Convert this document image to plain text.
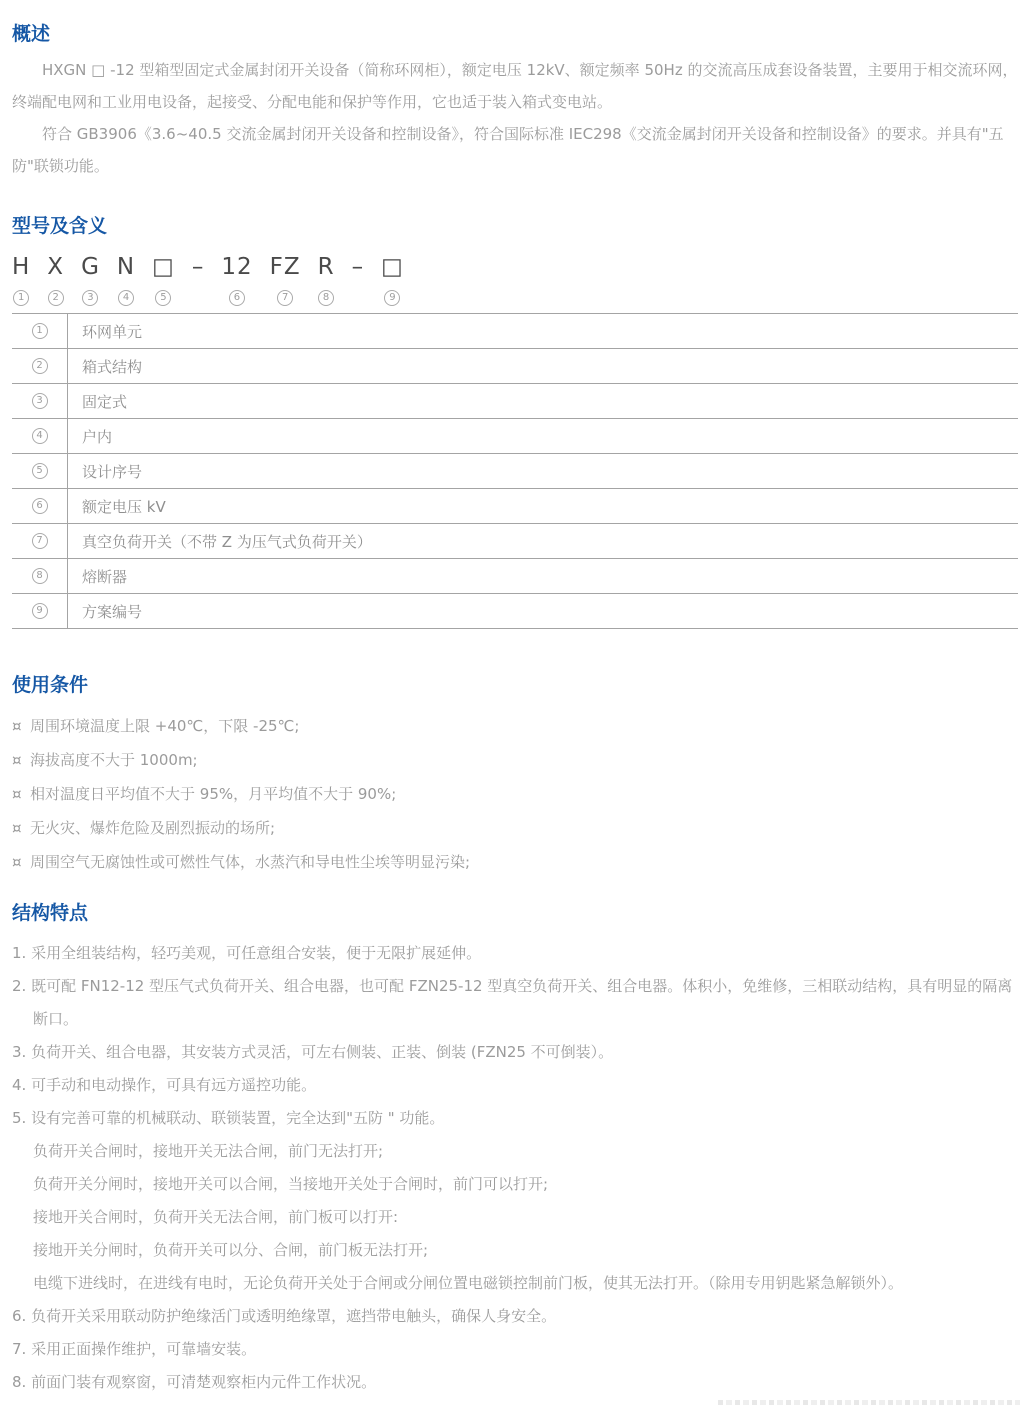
概述

HXGN □ -12 型箱型固定式金属封闭开关设备（简称环网柜），额定电压 12kV、额定频率 50Hz 的交流高压成套设备装置，主要用于相交流环网，终端配电网和工业用电设备，起接受、分配电能和保护等作用，它也适于装入箱式变电站。

符合 GB3906《3.6~40.5 交流金属封闭开关设备和控制设备》，符合国际标准 IEC298《交流金属封闭开关设备和控制设备》的要求。并具有"五防"联锁功能。

型号及含义
H
1
X
2
G
3
N
4
□
5
– 12
6
FZ
7
R
8
– □
9
1	环网单元
2	箱式结构
3	固定式
4	户内
5	设计序号
6	额定电压 kV
7	真空负荷开关（不带 Z 为压气式负荷开关）
8	熔断器
9	方案编号
使用条件
¤ 周围环境温度上限 +40℃，下限 -25℃;
¤ 海拔高度不大于 1000m;
¤ 相对温度日平均值不大于 95%，月平均值不大于 90%;
¤ 无火灾、爆炸危险及剧烈振动的场所;
¤ 周围空气无腐蚀性或可燃性气体，水蒸汽和导电性尘埃等明显污染;
结构特点
1. 采用全组装结构，轻巧美观，可任意组合安装，便于无限扩展延伸。
2. 既可配 FN12-12 型压气式负荷开关、组合电器，也可配 FZN25-12 型真空负荷开关、组合电器。体积小，免维修，三相联动结构，具有明显的隔离断口。
3. 负荷开关、组合电器，其安装方式灵活，可左右侧装、正装、倒装 (FZN25 不可倒装）。
4. 可手动和电动操作，可具有远方遥控功能。
5. 设有完善可靠的机械联动、联锁装置，完全达到"五防 " 功能。
负荷开关合闸时，接地开关无法合闸，前门无法打开;
负荷开关分闸时，接地开关可以合闸，当接地开关处于合闸时，前门可以打开;
接地开关合闸时，负荷开关无法合闸，前门板可以打开:
接地开关分闸时，负荷开关可以分、合闸，前门板无法打开;
电缆下进线时，在进线有电时，无论负荷开关处于合闸或分闸位置电磁锁控制前门板，使其无法打开。（除用专用钥匙紧急解锁外）。
6. 负荷开关采用联动防护绝缘活门或透明绝缘罩，遮挡带电触头，确保人身安全。
7. 采用正面操作维护，可靠墙安装。
8. 前面门装有观察窗，可清楚观察柜内元件工作状况。
